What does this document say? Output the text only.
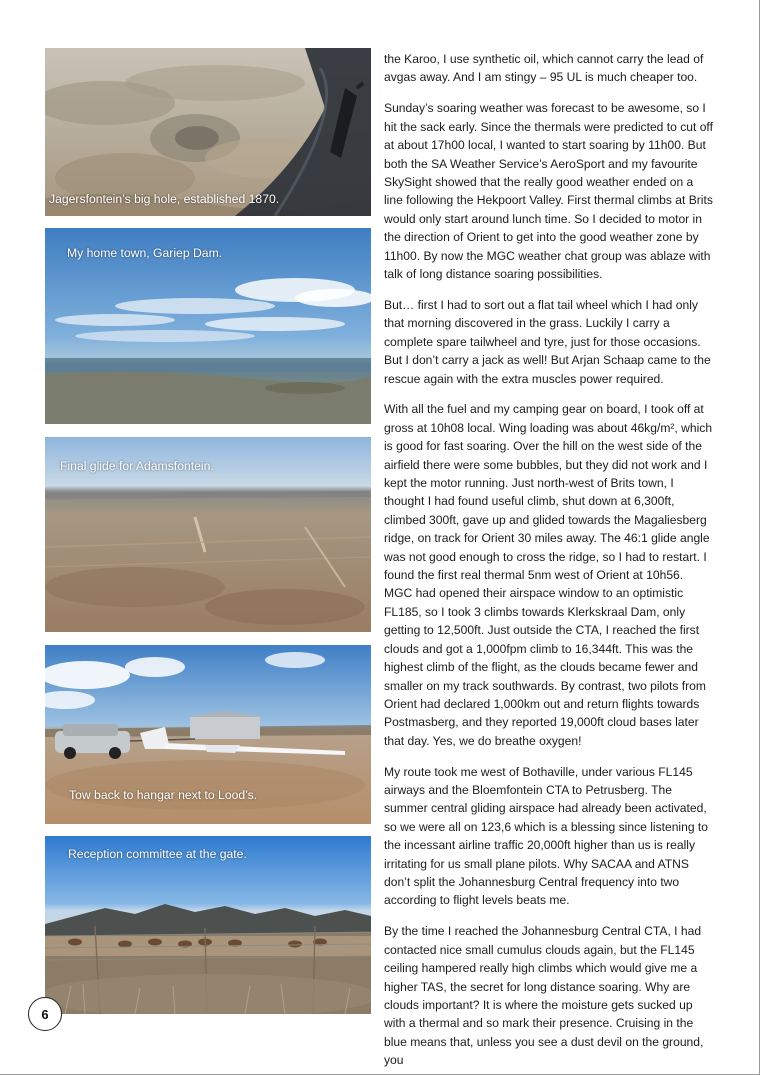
Jagersfontein’s big hole, established 1870.
My home town, Gariep Dam.
Final glide for Adamsfontein.
Tow back to hangar next to Lood’s.
Reception committee at the gate.

the Karoo, I use synthetic oil, which cannot carry the lead of avgas away. And I am stingy – 95 UL is much cheaper too.

Sunday’s soaring weather was forecast to be awesome, so I hit the sack early. Since the thermals were predicted to cut off at about 17h00 local, I wanted to start soaring by 11h00. But both the SA Weather Service’s AeroSport and my favourite SkySight showed that the really good weather ended on a line following the Hekpoort Valley. First thermal climbs at Brits would only start around lunch time. So I decided to motor in the direction of Orient to get into the good weather zone by 11h00. By now the MGC weather chat group was ablaze with talk of long distance soaring possibilities.

But… first I had to sort out a flat tail wheel which I had only that morning discovered in the grass. Luckily I carry a complete spare tailwheel and tyre, just for those occasions. But I don’t carry a jack as well! But Arjan Schaap came to the rescue again with the extra muscles power required.

With all the fuel and my camping gear on board, I took off at gross at 10h08 local. Wing loading was about 46kg/m², which is good for fast soaring. Over the hill on the west side of the airfield there were some bubbles, but they did not work and I kept the motor running. Just north-west of Brits town, I thought I had found useful climb, shut down at 6,300ft, climbed 300ft, gave up and glided towards the Magaliesberg ridge, on track for Orient 30 miles away. The 46:1 glide angle was not good enough to cross the ridge, so I had to restart. I found the first real thermal 5nm west of Orient at 10h56. MGC had opened their airspace window to an optimistic FL185, so I took 3 climbs towards Klerkskraal Dam, only getting to 12,500ft. Just outside the CTA, I reached the first clouds and got a 1,000fpm climb to 16,344ft. This was the highest climb of the flight, as the clouds became fewer and smaller on my track southwards. By contrast, two pilots from Orient had declared 1,000km out and return flights towards Postmasberg, and they reported 19,000ft cloud bases later that day. Yes, we do breathe oxygen!

My route took me west of Bothaville, under various FL145 airways and the Bloemfontein CTA to Petrusberg. The summer central gliding airspace had already been activated, so we were all on 123,6 which is a blessing since listening to the incessant airline traffic 20,000ft higher than us is really irritating for us small plane pilots. Why SACAA and ATNS don’t split the Johannesburg Central frequency into two according to flight levels beats me.

By the time I reached the Johannesburg Central CTA, I had contacted nice small cumulus clouds again, but the FL145 ceiling hampered really high climbs which would give me a higher TAS, the secret for long distance soaring. Why are clouds important? It is where the moisture gets sucked up with a thermal and so mark their presence. Cruising in the blue means that, unless you see a dust devil on the ground, you

6
